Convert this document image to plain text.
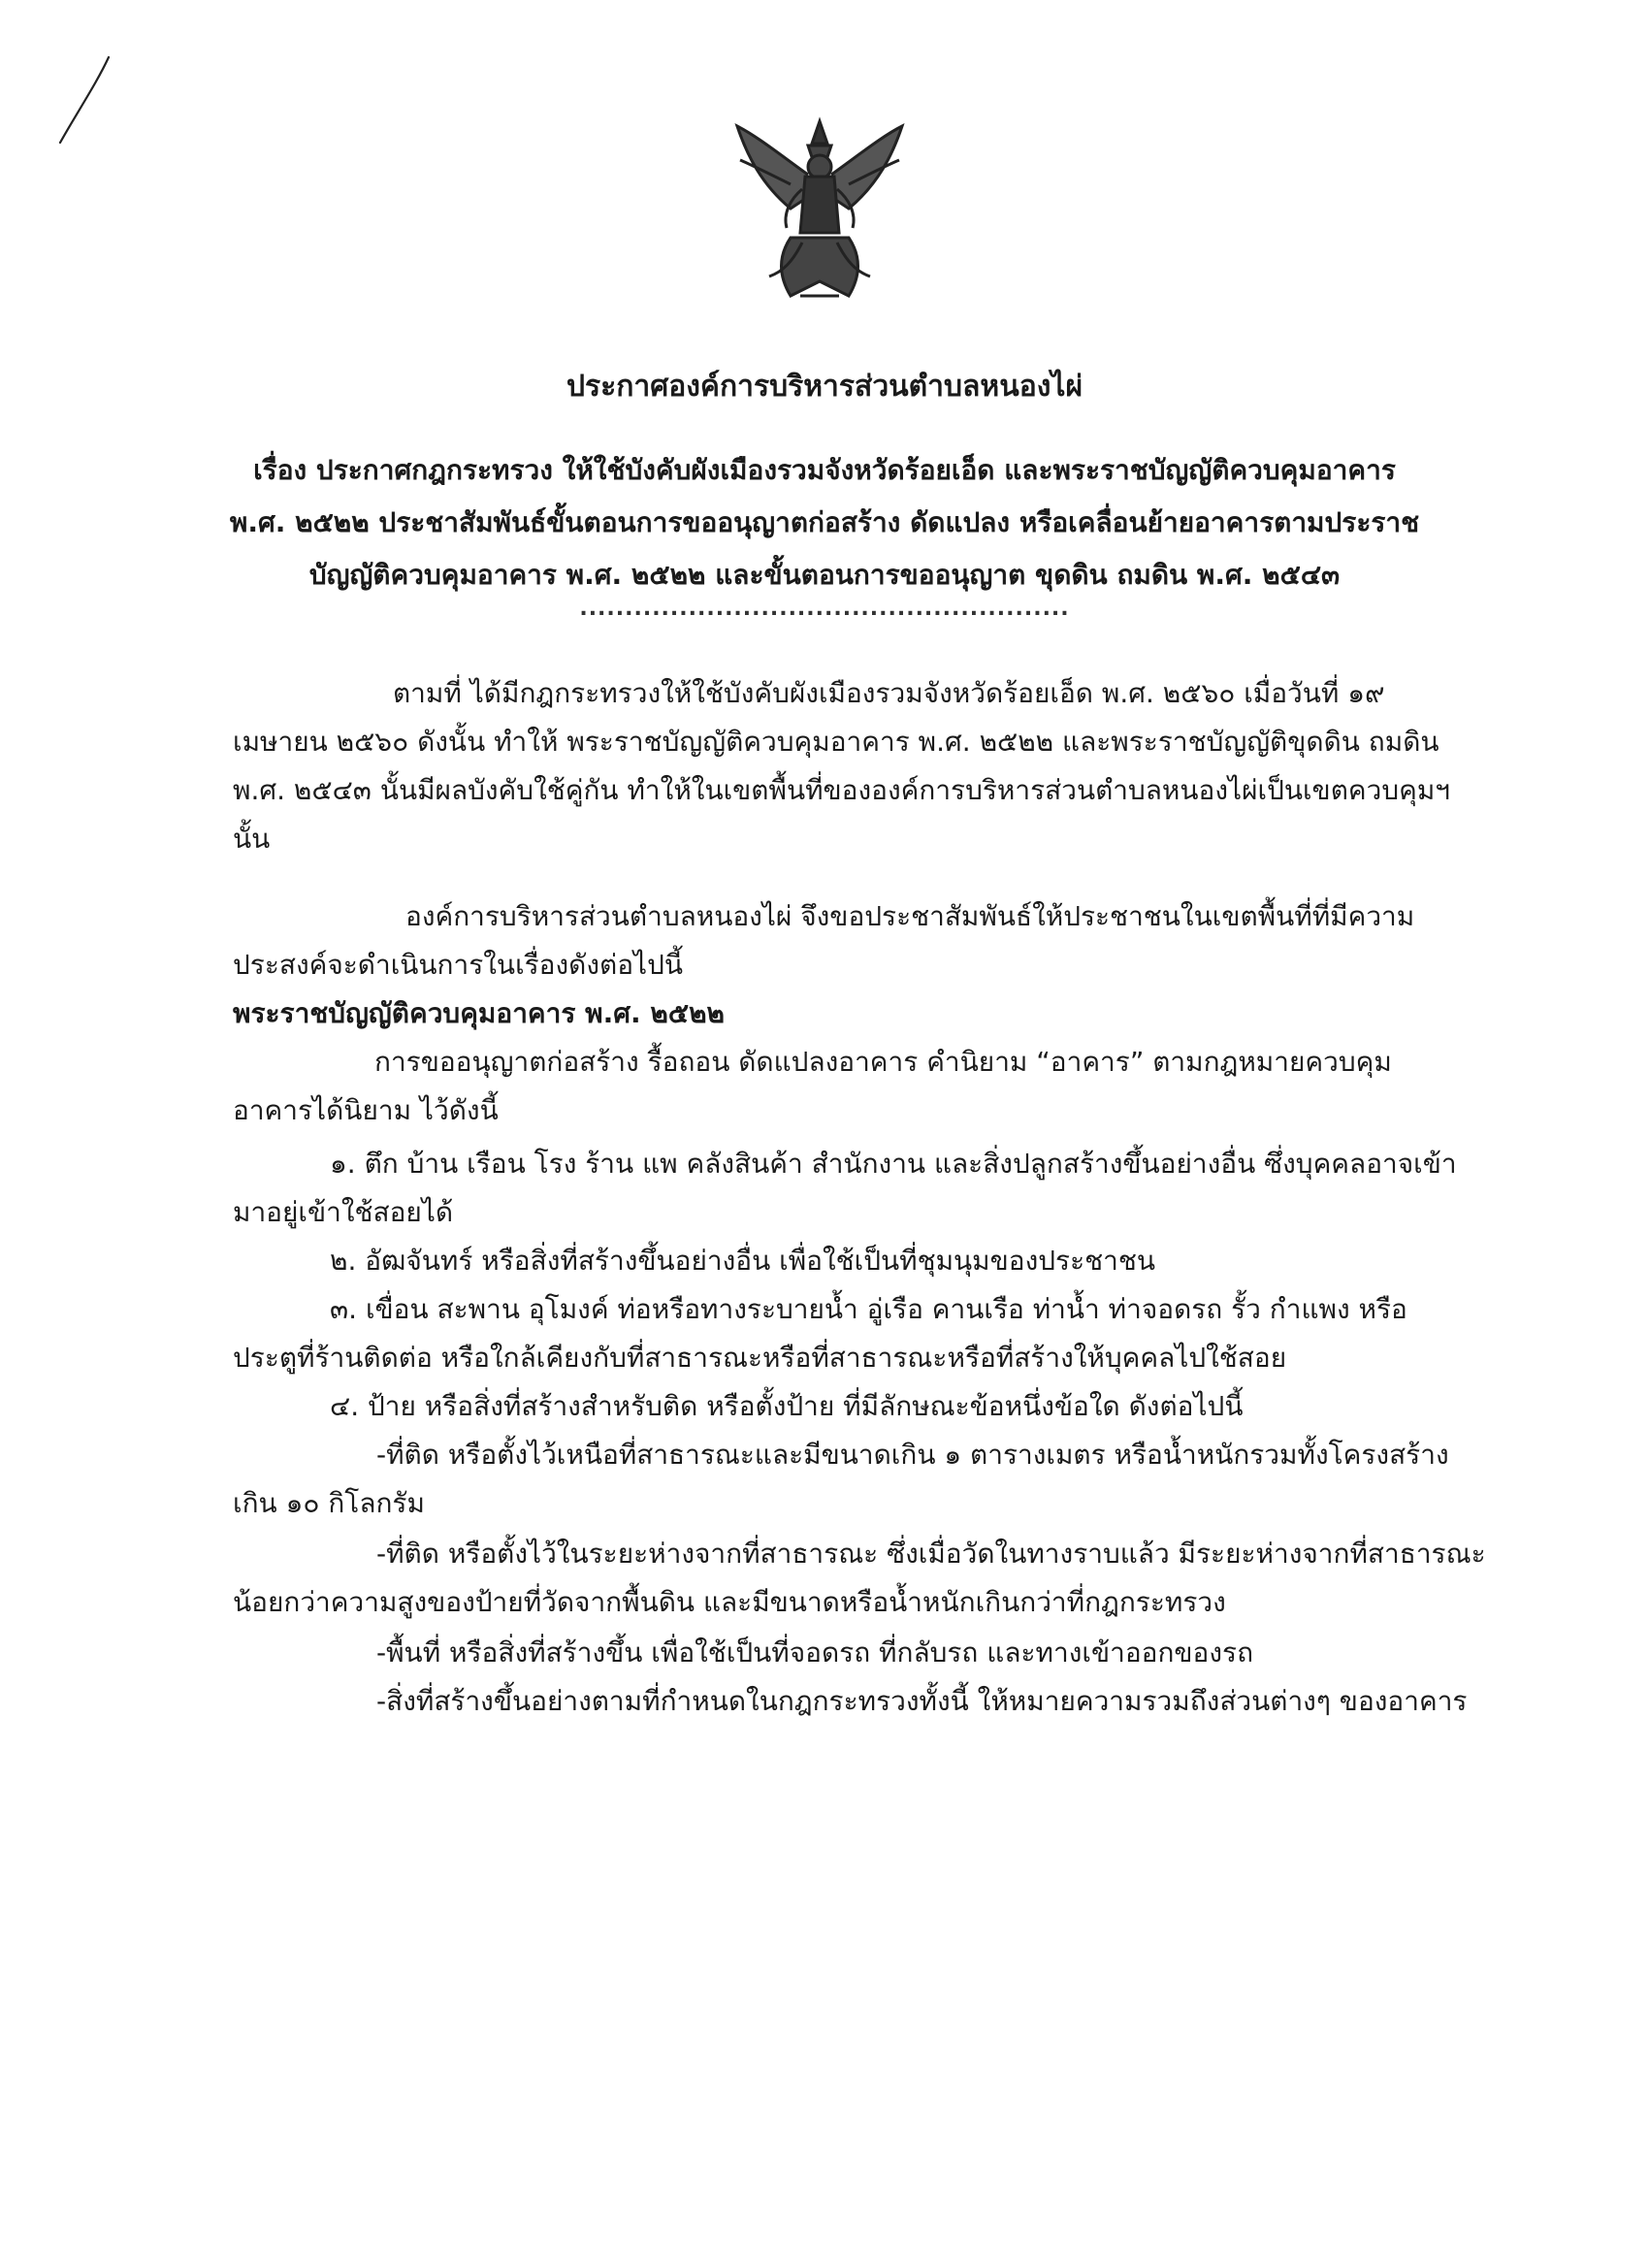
ประกาศองค์การบริหารส่วนตำบลหนองไผ่
เรื่อง ประกาศกฎกระทรวง ให้ใช้บังคับผังเมืองรวมจังหวัดร้อยเอ็ด และพระราชบัญญัติควบคุมอาคาร
พ.ศ. ๒๕๒๒ ประชาสัมพันธ์ขั้นตอนการขออนุญาตก่อสร้าง ดัดแปลง หรือเคลื่อนย้ายอาคารตามประราช
บัญญัติควบคุมอาคาร พ.ศ. ๒๕๒๒ และขั้นตอนการขออนุญาต ขุดดิน ถมดิน พ.ศ. ๒๕๔๓
......................................................

ตามที่ ได้มีกฎกระทรวงให้ใช้บังคับผังเมืองรวมจังหวัดร้อยเอ็ด พ.ศ. ๒๕๖๐ เมื่อวันที่ ๑๙
เมษายน ๒๕๖๐ ดังนั้น ทำให้ พระราชบัญญัติควบคุมอาคาร พ.ศ. ๒๕๒๒ และพระราชบัญญัติขุดดิน ถมดิน
พ.ศ. ๒๕๔๓ นั้นมีผลบังคับใช้คู่กัน ทำให้ในเขตพื้นที่ขององค์การบริหารส่วนตำบลหนองไผ่เป็นเขตควบคุมฯ
นั้น

องค์การบริหารส่วนตำบลหนองไผ่ จึงขอประชาสัมพันธ์ให้ประชาชนในเขตพื้นที่ที่มีความ
ประสงค์จะดำเนินการในเรื่องดังต่อไปนี้

พระราชบัญญัติควบคุมอาคาร พ.ศ. ๒๕๒๒

การขออนุญาตก่อสร้าง รื้อถอน ดัดแปลงอาคาร คำนิยาม “อาคาร” ตามกฎหมายควบคุม
อาคารได้นิยาม ไว้ดังนี้

๑. ตึก บ้าน เรือน โรง ร้าน แพ คลังสินค้า สำนักงาน และสิ่งปลูกสร้างขึ้นอย่างอื่น ซึ่งบุคคลอาจเข้า
มาอยู่เข้าใช้สอยได้

๒. อัฒจันทร์ หรือสิ่งที่สร้างขึ้นอย่างอื่น เพื่อใช้เป็นที่ชุมนุมของประชาชน

๓. เขื่อน สะพาน อุโมงค์ ท่อหรือทางระบายน้ำ อู่เรือ คานเรือ ท่าน้ำ ท่าจอดรถ รั้ว กำแพง หรือ
ประตูที่ร้านติดต่อ หรือใกล้เคียงกับที่สาธารณะหรือที่สาธารณะหรือที่สร้างให้บุคคลไปใช้สอย

๔. ป้าย หรือสิ่งที่สร้างสำหรับติด หรือตั้งป้าย ที่มีลักษณะข้อหนึ่งข้อใด ดังต่อไปนี้

-ที่ติด หรือตั้งไว้เหนือที่สาธารณะและมีขนาดเกิน ๑ ตารางเมตร หรือน้ำหนักรวมทั้งโครงสร้าง
เกิน ๑๐ กิโลกรัม

-ที่ติด หรือตั้งไว้ในระยะห่างจากที่สาธารณะ ซึ่งเมื่อวัดในทางราบแล้ว มีระยะห่างจากที่สาธารณะ
น้อยกว่าความสูงของป้ายที่วัดจากพื้นดิน และมีขนาดหรือน้ำหนักเกินกว่าที่กฎกระทรวง

-พื้นที่ หรือสิ่งที่สร้างขึ้น เพื่อใช้เป็นที่จอดรถ ที่กลับรถ และทางเข้าออกของรถ

-สิ่งที่สร้างขึ้นอย่างตามที่กำหนดในกฎกระทรวงทั้งนี้ ให้หมายความรวมถึงส่วนต่างๆ ของอาคาร
